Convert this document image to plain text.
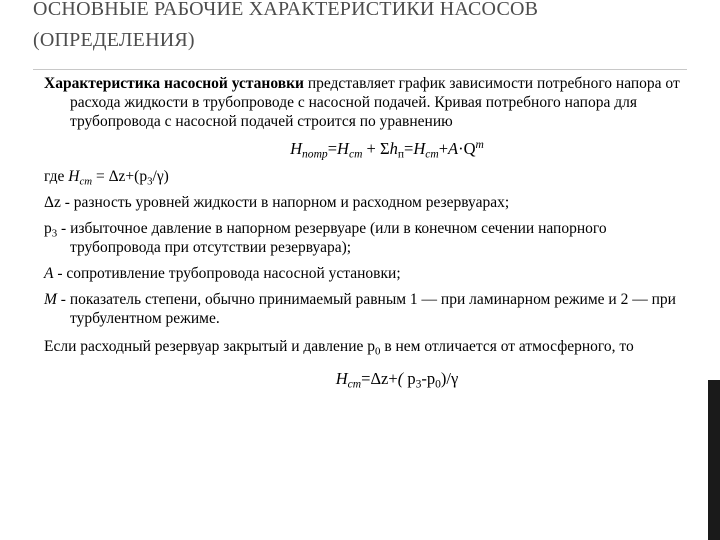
ОСНОВНЫЕ РАБОЧИЕ ХАРАКТЕРИСТИКИ НАСОСОВ
(ОПРЕДЕЛЕНИЯ)

Характеристика насосной установки представляет график зависимости потребного напора от расхода жидкости в трубопроводе с насосной подачей. Кривая потребного напора для трубопровода с насосной подачей строится по уравнению

$H_{потр}=H_{ст} + \Sigma h_п=H_{ст}+A\cdot Q^m$

где $H_{ст} = \Delta z+(p_3/\gamma)$

Δz - разность уровней жидкости в напорном и расходном резервуарах;

$p_3$ - избыточное давление в напорном резервуаре (или в конечном сечении напорного трубопровода при отсутствии резервуара);

A - сопротивление трубопровода насосной установки;

M - показатель степени, обычно принимаемый равным 1 — при ламинарном режиме и 2 — при турбулентном режиме.

Если расходный резервуар закрытый и давление $p_0$ в нем отличается от атмосферного, то

$H_{ст}=\Delta z+$( $p_3-p_0)/\gamma$
